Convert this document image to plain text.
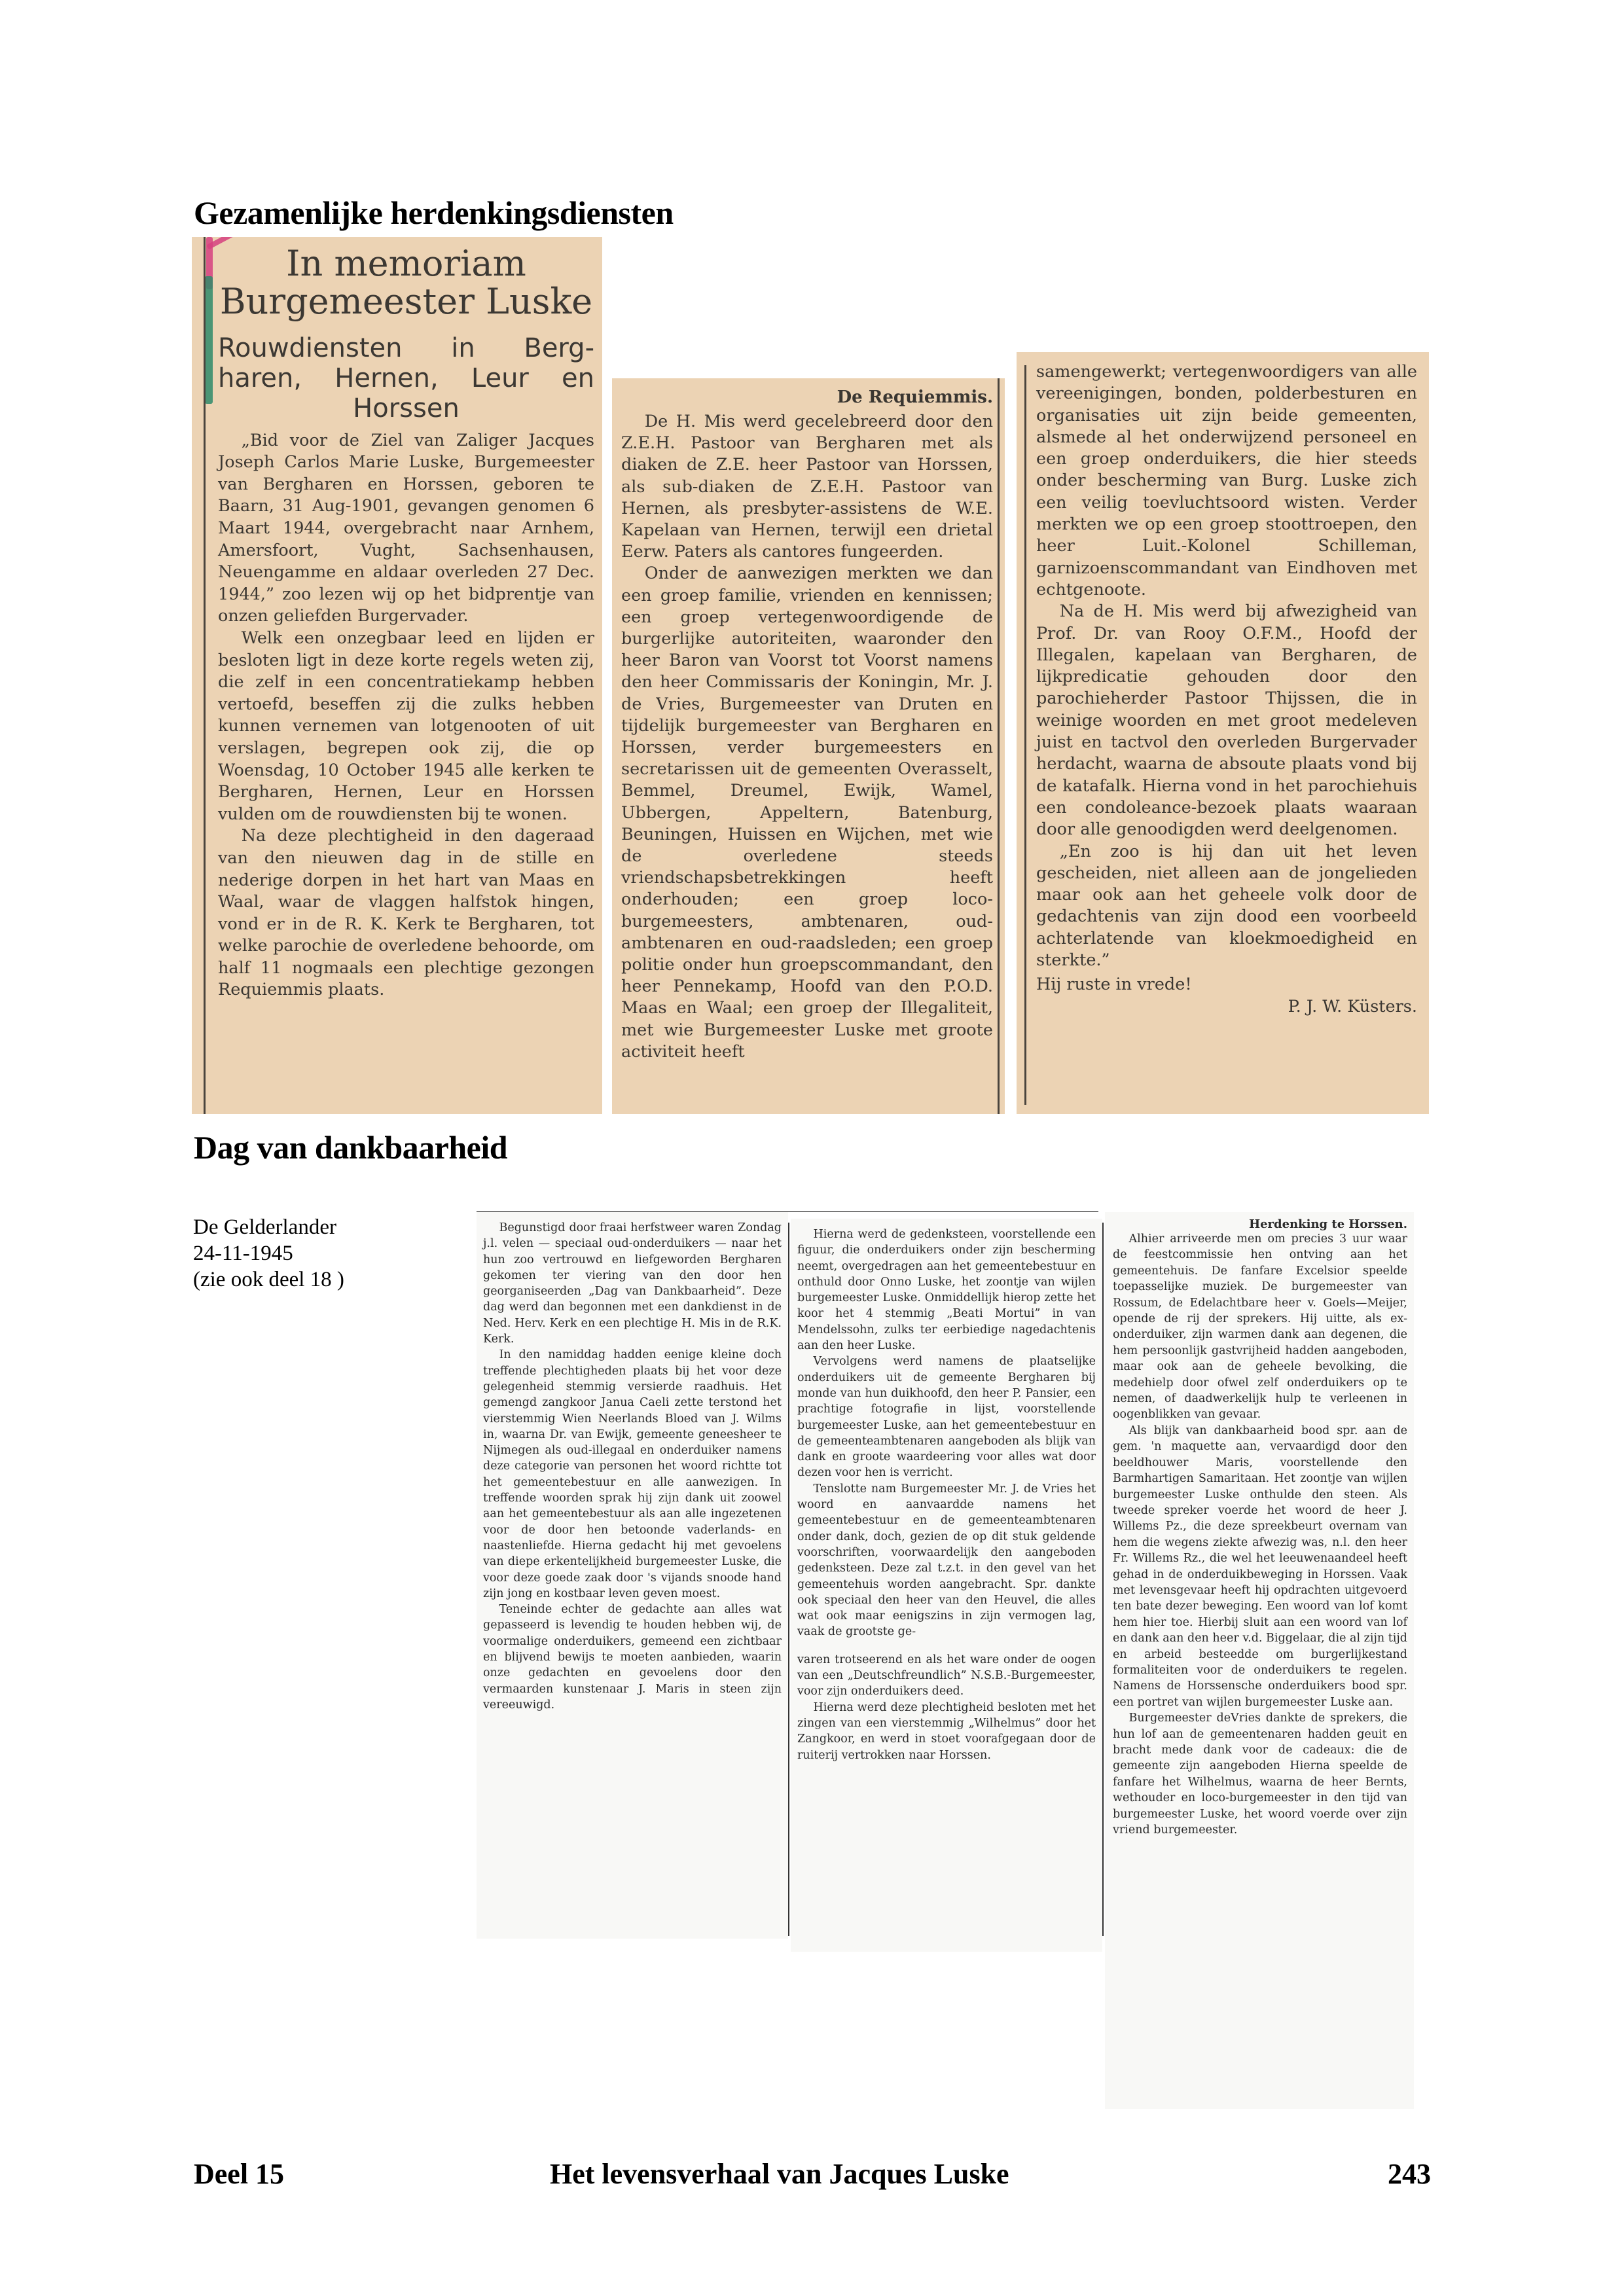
Gezamenlijke herdenkingsdiensten
In memoriam
Burgemeester Luske
Rouwdiensten in Berg-
haren, Hernen, Leur en
Horssen

„Bid voor de Ziel van Zaliger Jacques Joseph Carlos Marie Luske, Burgemeester van Bergharen en Horssen, geboren te Baarn, 31 Aug-1901, gevangen genomen 6 Maart 1944, overgebracht naar Arnhem, Amersfoort, Vught, Sachsenhausen, Neuengamme en aldaar overleden 27 Dec. 1944,” zoo lezen wij op het bidprentje van onzen geliefden Burgervader.

Welk een onzegbaar leed en lijden er besloten ligt in deze korte regels weten zij, die zelf in een concentratiekamp hebben vertoefd, beseffen zij die zulks hebben kunnen vernemen van lotgenooten of uit verslagen, begrepen ook zij, die op Woensdag, 10 October 1945 alle kerken te Bergharen, Hernen, Leur en Horssen vulden om de rouwdiensten bij te wonen.

Na deze plechtigheid in den dageraad van den nieuwen dag in de stille en nederige dorpen in het hart van Maas en Waal, waar de vlaggen halfstok hingen, vond er in de R. K. Kerk te Bergharen, tot welke parochie de overledene behoorde, om half 11 nogmaals een plechtige gezongen Requiemmis plaats.

De Requiemmis.

De H. Mis werd gecelebreerd door den Z.E.H. Pastoor van Bergharen met als diaken de Z.E. heer Pastoor van Horssen, als sub-diaken de Z.E.H. Pastoor van Hernen, als presbyter-assistens de W.E. Kapelaan van Hernen, terwijl een drietal Eerw. Paters als cantores fungeerden.

Onder de aanwezigen merkten we dan een groep familie, vrienden en kennissen; een groep vertegenwoordigende de burgerlijke autoriteiten, waaronder den heer Baron van Voorst tot Voorst namens den heer Commissaris der Koningin, Mr. J. de Vries, Burgemeester van Druten en tijdelijk burgemeester van Bergharen en Horssen, verder burgemeesters en secretarissen uit de gemeenten Overasselt, Bemmel, Dreumel, Ewijk, Wamel, Ubbergen, Appeltern, Batenburg, Beuningen, Huissen en Wijchen, met wie de overledene steeds vriendschapsbetrekkingen heeft onderhouden; een groep loco-burgemeesters, ambtenaren, oud-ambtenaren en oud-raadsleden; een groep politie onder hun groepscommandant, den heer Pennekamp, Hoofd van den P.O.D. Maas en Waal; een groep der Illegaliteit, met wie Burgemeester Luske met groote activiteit heeft

samengewerkt; vertegenwoordigers van alle vereenigingen, bonden, polderbesturen en organisaties uit zijn beide gemeenten, alsmede al het onderwijzend personeel en een groep onderduikers, die hier steeds onder bescherming van Burg. Luske zich een veilig toevluchtsoord wisten. Verder merkten we op een groep stoottroepen, den heer Luit.-Kolonel Schilleman, garnizoenscommandant van Eindhoven met echtgenoote.

Na de H. Mis werd bij afwezigheid van Prof. Dr. van Rooy O.F.M., Hoofd der Illegalen, kapelaan van Bergharen, de lijkpredicatie gehouden door den parochieherder Pastoor Thijssen, die in weinige woorden en met groot medeleven juist en tactvol den overleden Burgervader herdacht, waarna de absoute plaats vond bij de katafalk. Hierna vond in het parochiehuis een condoleance-bezoek plaats waaraan door alle genoodigden werd deelgenomen.

„En zoo is hij dan uit het leven gescheiden, niet alleen aan de jongelieden maar ook aan het geheele volk door de gedachtenis van zijn dood een voorbeeld achterlatende van kloekmoedigheid en sterkte.”

Hij ruste in vrede!

P. J. W. Küsters.

Dag van dankbaarheid
De Gelderlander
24-11-1945
(zie ook deel 18 )

Begunstigd door fraai herfstweer waren Zondag j.l. velen — speciaal oud-onderduikers — naar het hun zoo vertrouwd en liefgeworden Bergharen gekomen ter viering van den door hen georganiseerden „Dag van Dankbaarheid”. Deze dag werd dan begonnen met een dankdienst in de Ned. Herv. Kerk en een plechtige H. Mis in de R.K. Kerk.

In den namiddag hadden eenige kleine doch treffende plechtigheden plaats bij het voor deze gelegenheid stemmig versierde raadhuis. Het gemengd zangkoor Janua Caeli zette terstond het vierstemmig Wien Neerlands Bloed van J. Wilms in, waarna Dr. van Ewijk, gemeente geneesheer te Nijmegen als oud-illegaal en onderduiker namens deze categorie van personen het woord richtte tot het gemeentebestuur en alle aanwezigen. In treffende woorden sprak hij zijn dank uit zoowel aan het gemeentebestuur als aan alle ingezetenen voor de door hen betoonde vaderlands- en naastenliefde. Hierna gedacht hij met gevoelens van diepe erkentelijkheid burgemeester Luske, die voor deze goede zaak door 's vijands snoode hand zijn jong en kostbaar leven geven moest.

Teneinde echter de gedachte aan alles wat gepasseerd is levendig te houden hebben wij, de voormalige onderduikers, gemeend een zichtbaar en blijvend bewijs te moeten aanbieden, waarin onze gedachten en gevoelens door den vermaarden kunstenaar J. Maris in steen zijn vereeuwigd.

Hierna werd de gedenksteen, voorstellende een figuur, die onderduikers onder zijn bescherming neemt, overgedragen aan het gemeentebestuur en onthuld door Onno Luske, het zoontje van wijlen burgemeester Luske. Onmiddellijk hierop zette het koor het 4 stemmig „Beati Mortui” in van Mendelssohn, zulks ter eerbiedige nagedachtenis aan den heer Luske.

Vervolgens werd namens de plaatselijke onderduikers uit de gemeente Bergharen bij monde van hun duikhoofd, den heer P. Pansier, een prachtige fotografie in lijst, voorstellende burgemeester Luske, aan het gemeentebestuur en de gemeenteambtenaren aangeboden als blijk van dank en groote waardeering voor alles wat door dezen voor hen is verricht.

Tenslotte nam Burgemeester Mr. J. de Vries het woord en aanvaardde namens het gemeentebestuur en de gemeenteambtenaren onder dank, doch, gezien de op dit stuk geldende voorschriften, voorwaardelijk den aangeboden gedenksteen. Deze zal t.z.t. in den gevel van het gemeentehuis worden aangebracht. Spr. dankte ook speciaal den heer van den Heuvel, die alles wat ook maar eenigszins in zijn vermogen lag, vaak de grootste ge-

varen trotseerend en als het ware onder de oogen van een „Deutschfreundlich” N.S.B.-Burgemeester, voor zijn onderduikers deed.

Hierna werd deze plechtigheid besloten met het zingen van een vierstemmig „Wilhelmus” door het Zangkoor, en werd in stoet voorafgegaan door de ruiterij vertrokken naar Horssen.

Herdenking te Horssen.

Alhier arriveerde men om precies 3 uur waar de feestcommissie hen ontving aan het gemeentehuis. De fanfare Excelsior speelde toepasselijke muziek. De burgemeester van Rossum, de Edelachtbare heer v. Goels—Meijer, opende de rij der sprekers. Hij uitte, als ex-onderduiker, zijn warmen dank aan degenen, die hem persoonlijk gastvrijheid hadden aangeboden, maar ook aan de geheele bevolking, die medehielp door ofwel zelf onderduikers op te nemen, of daadwerkelijk hulp te verleenen in oogenblikken van gevaar.

Als blijk van dankbaarheid bood spr. aan de gem. 'n maquette aan, vervaardigd door den beeldhouwer Maris, voorstellende den Barmhartigen Samaritaan. Het zoontje van wijlen burgemeester Luske onthulde den steen. Als tweede spreker voerde het woord de heer J. Willems Pz., die deze spreekbeurt overnam van hem die wegens ziekte afwezig was, n.l. den heer Fr. Willems Rz., die wel het leeuwenaandeel heeft gehad in de onderduikbeweging in Horssen. Vaak met levensgevaar heeft hij opdrachten uitgevoerd ten bate dezer beweging. Een woord van lof komt hem hier toe. Hierbij sluit aan een woord van lof en dank aan den heer v.d. Biggelaar, die al zijn tijd en arbeid besteedde om burgerlijkestand formaliteiten voor de onderduikers te regelen. Namens de Horssensche onderduikers bood spr. een portret van wijlen burgemeester Luske aan.

Burgemeester deVries dankte de sprekers, die hun lof aan de gemeentenaren hadden geuit en bracht mede dank voor de cadeaux: die de gemeente zijn aangeboden Hierna speelde de fanfare het Wilhelmus, waarna de heer Bernts, wethouder en loco-burgemeester in den tijd van burgemeester Luske, het woord voerde over zijn vriend burgemeester.

Deel 15	Het levensverhaal van Jacques Luske	243
